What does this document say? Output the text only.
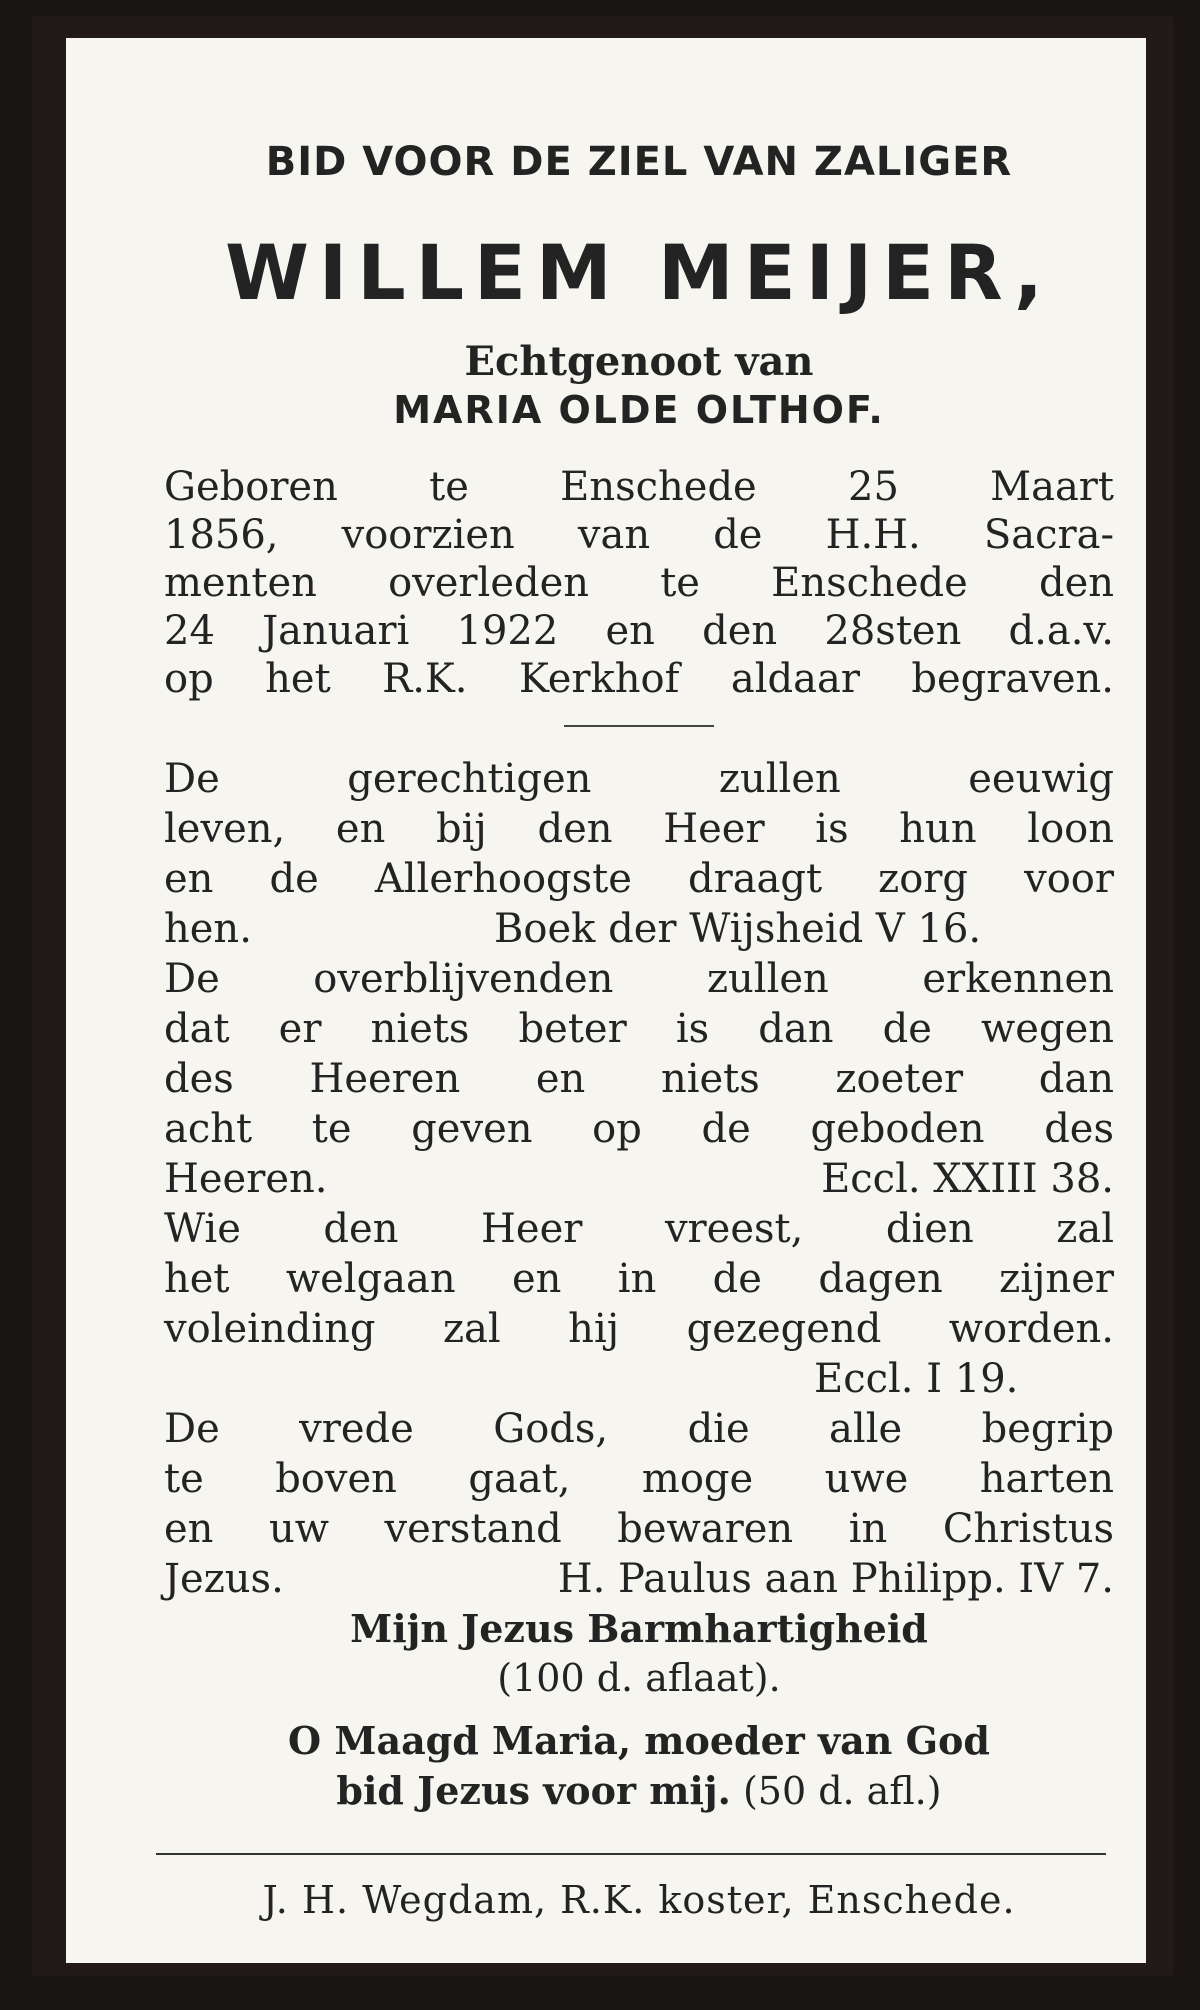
BID VOOR DE ZIEL VAN ZALIGER
WILLEM MEIJER,
Echtgenoot van
MARIA OLDE OLTHOF.
Geboren te Enschede 25 Maart
1856, voorzien van de H.H. Sacra-
menten overleden te Enschede den
24 Januari 1922 en den 28sten d.a.v.
op het R.K. Kerkhof aldaar begraven.
De gerechtigen zullen eeuwig
leven, en bij den Heer is hun loon
en de Allerhoogste draagt zorg voor
hen.	Boek der Wijsheid V 16.
De overblijvenden zullen erkennen
dat er niets beter is dan de wegen
des Heeren en niets zoeter dan
acht te geven op de geboden des
Heeren.	Eccl. XXIII 38.
Wie den Heer vreest, dien zal
het welgaan en in de dagen zijner
voleinding zal hij gezegend worden.
Eccl. I 19.
De vrede Gods, die alle begrip
te boven gaat, moge uwe harten
en uw verstand bewaren in Christus
Jezus.	H. Paulus aan Philipp. IV 7.
Mijn Jezus Barmhartigheid
(100 d. aflaat).
O Maagd Maria, moeder van God
bid Jezus voor mij. (50 d. afl.)
J. H. Wegdam, R.K. koster, Enschede.
